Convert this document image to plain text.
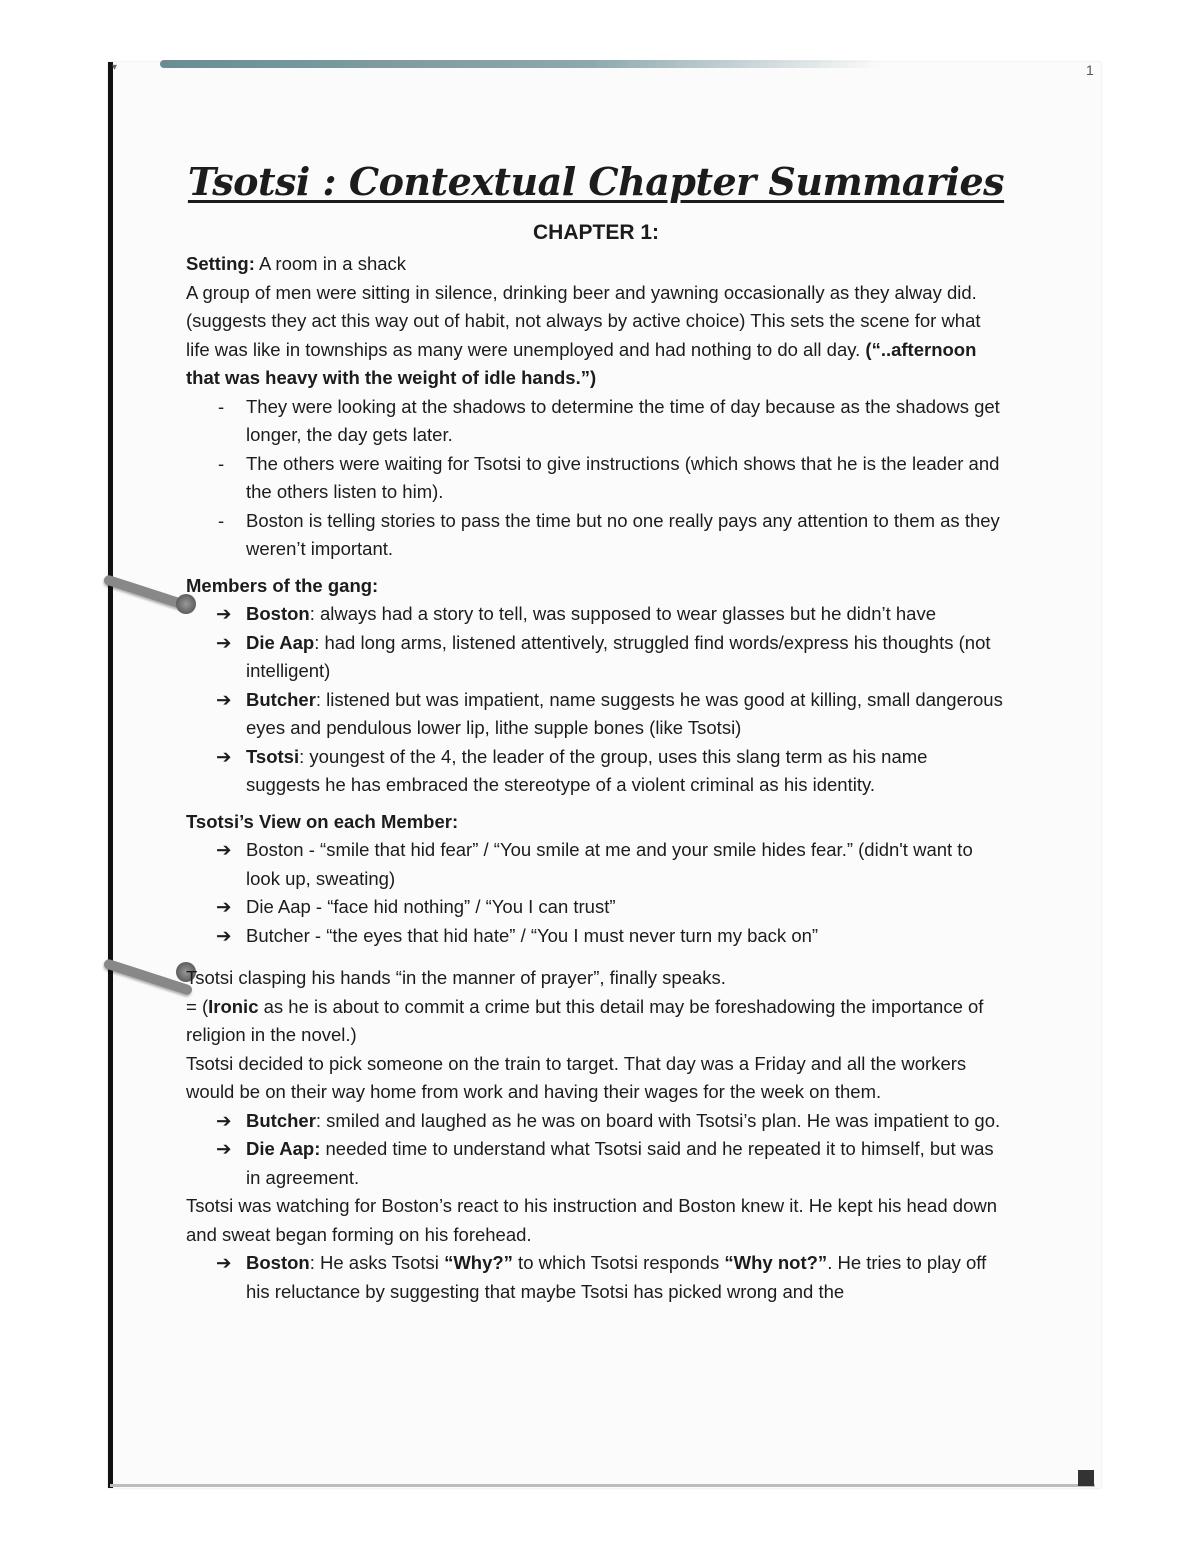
▾	1
Tsotsi : Contextual Chapter Summaries
CHAPTER 1:

Setting: A room in a shack

A group of men were sitting in silence, drinking beer and yawning occasionally as they alway did. (suggests they act this way out of habit, not always by active choice) This sets the scene for what life was like in townships as many were unemployed and had nothing to do all day. (“..afternoon that was heavy with the weight of idle hands.”)

-	They were looking at the shadows to determine the time of day because as the shadows get longer, the day gets later.
-	The others were waiting for Tsotsi to give instructions (which shows that he is the leader and the others listen to him).
-	Boston is telling stories to pass the time but no one really pays any attention to them as they weren’t important.

Members of the gang:

➔ Boston: always had a story to tell, was supposed to wear glasses but he didn’t have
➔ Die Aap: had long arms, listened attentively, struggled find words/express his thoughts (not intelligent)
➔ Butcher: listened but was impatient, name suggests he was good at killing, small dangerous eyes and pendulous lower lip, lithe supple bones (like Tsotsi)
➔ Tsotsi: youngest of the 4, the leader of the group, uses this slang term as his name suggests he has embraced the stereotype of a violent criminal as his identity.

Tsotsi’s View on each Member:

➔ Boston - “smile that hid fear” / “You smile at me and your smile hides fear.” (didn't want to look up, sweating)
➔ Die Aap - “face hid nothing” / “You I can trust”
➔ Butcher - “the eyes that hid hate” / “You I must never turn my back on”

Tsotsi clasping his hands “in the manner of prayer”, finally speaks.

= (Ironic as he is about to commit a crime but this detail may be foreshadowing the importance of religion in the novel.)

Tsotsi decided to pick someone on the train to target. That day was a Friday and all the workers would be on their way home from work and having their wages for the week on them.

➔ Butcher: smiled and laughed as he was on board with Tsotsi’s plan. He was impatient to go.
➔ Die Aap: needed time to understand what Tsotsi said and he repeated it to himself, but was in agreement.

Tsotsi was watching for Boston’s react to his instruction and Boston knew it. He kept his head down and sweat began forming on his forehead.

➔ Boston: He asks Tsotsi “Why?” to which Tsotsi responds “Why not?”. He tries to play off his reluctance by suggesting that maybe Tsotsi has picked wrong and the
